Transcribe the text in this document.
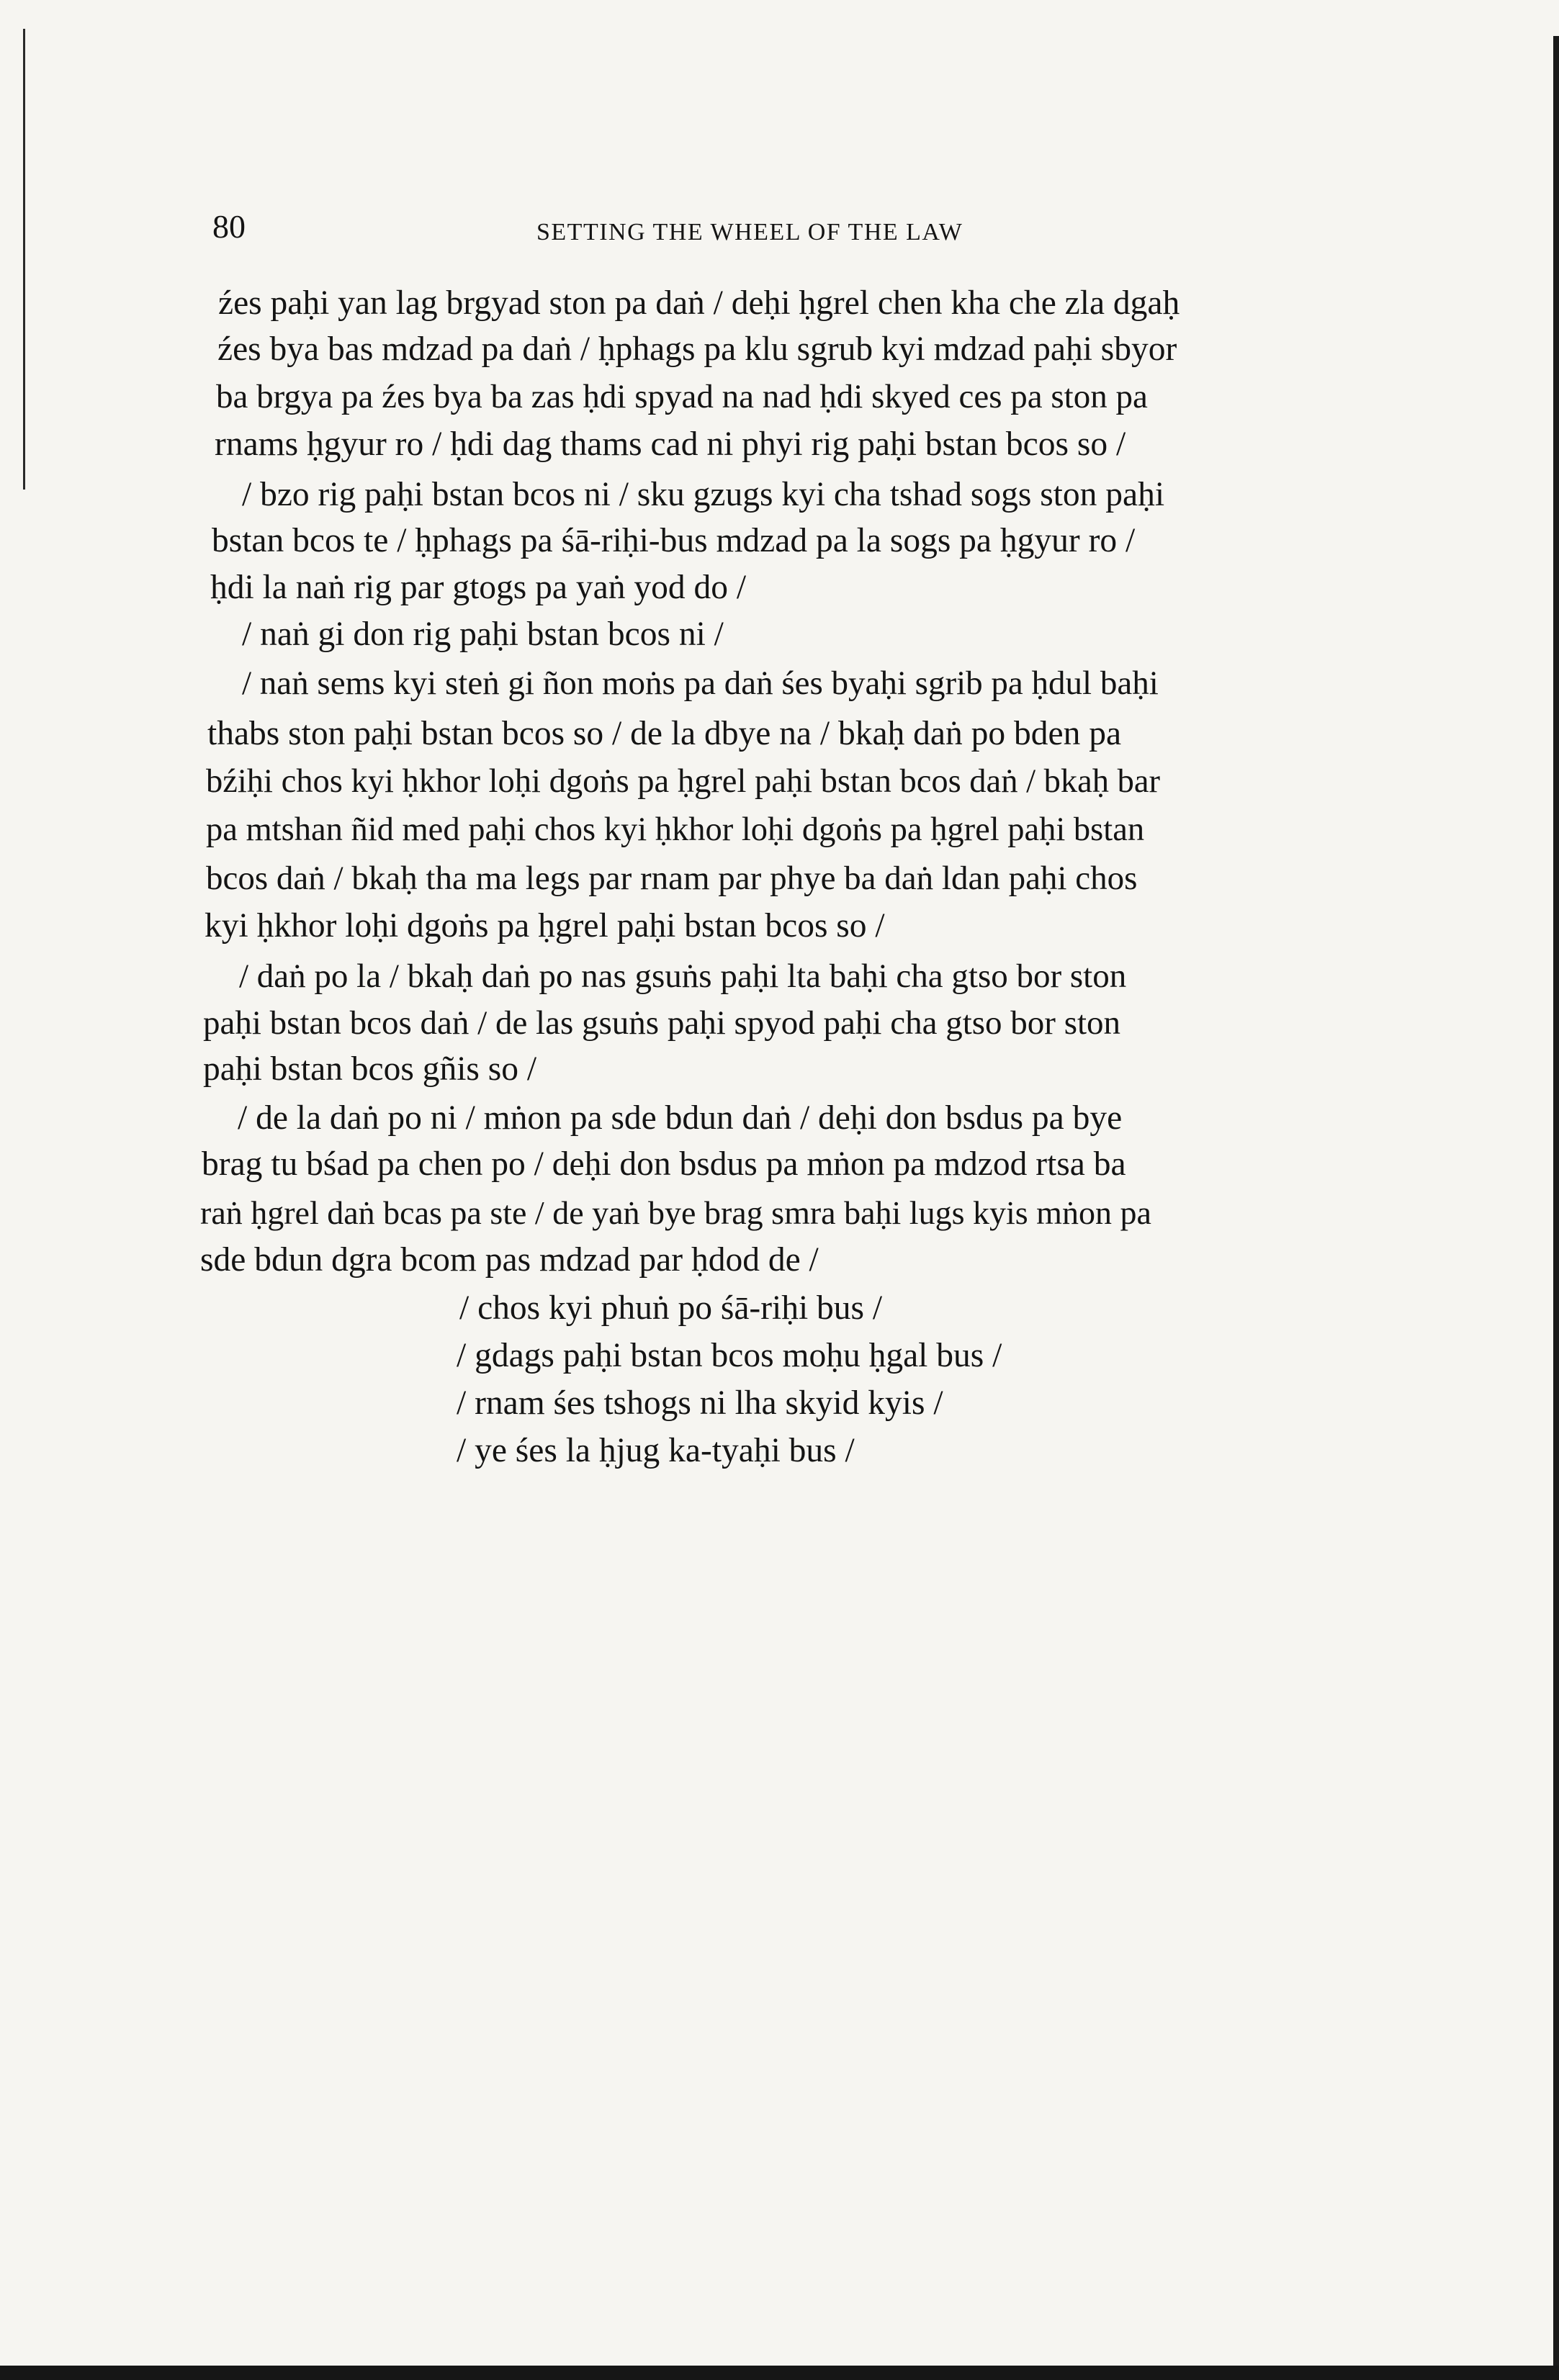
80	SETTING THE WHEEL OF THE LAW
źes paḥi yan lag brgyad ston pa daṅ / deḥi ḥgrel chen kha che zla dgaḥ
źes bya bas mdzad pa daṅ / ḥphags pa klu sgrub kyi mdzad paḥi sbyor
ba brgya pa źes bya ba zas ḥdi spyad na nad ḥdi skyed ces pa ston pa
rnams ḥgyur ro / ḥdi dag thams cad ni phyi rig paḥi bstan bcos so /
/ bzo rig paḥi bstan bcos ni / sku gzugs kyi cha tshad sogs ston paḥi
bstan bcos te / ḥphags pa śā-riḥi-bus mdzad pa la sogs pa ḥgyur ro /
ḥdi la naṅ rig par gtogs pa yaṅ yod do /
/ naṅ gi don rig paḥi bstan bcos ni /
/ naṅ sems kyi steṅ gi ñon moṅs pa daṅ śes byaḥi sgrib pa ḥdul baḥi
thabs ston paḥi bstan bcos so / de la dbye na / bkaḥ daṅ po bden pa
bźiḥi chos kyi ḥkhor loḥi dgoṅs pa ḥgrel paḥi bstan bcos daṅ / bkaḥ bar
pa mtshan ñid med paḥi chos kyi ḥkhor loḥi dgoṅs pa ḥgrel paḥi bstan
bcos daṅ / bkaḥ tha ma legs par rnam par phye ba daṅ ldan paḥi chos
kyi ḥkhor loḥi dgoṅs pa ḥgrel paḥi bstan bcos so /
/ daṅ po la / bkaḥ daṅ po nas gsuṅs paḥi lta baḥi cha gtso bor ston
paḥi bstan bcos daṅ / de las gsuṅs paḥi spyod paḥi cha gtso bor ston
paḥi bstan bcos gñis so /
/ de la daṅ po ni / mṅon pa sde bdun daṅ / deḥi don bsdus pa bye
brag tu bśad pa chen po / deḥi don bsdus pa mṅon pa mdzod rtsa ba
raṅ ḥgrel daṅ bcas pa ste / de yaṅ bye brag smra baḥi lugs kyis mṅon pa
sde bdun dgra bcom pas mdzad par ḥdod de /
/ chos kyi phuṅ po śā-riḥi bus /
/ gdags paḥi bstan bcos moḥu ḥgal bus /
/ rnam śes tshogs ni lha skyid kyis /
/ ye śes la ḥjug ka-tyaḥi bus /
